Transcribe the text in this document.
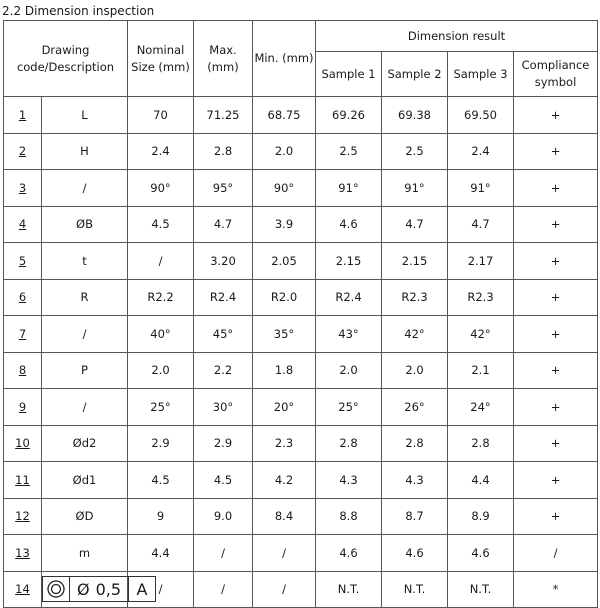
2.2 Dimension inspection
Drawing code/Description		Nominal Size (mm)	Max. (mm)	Min. (mm)	Dimension result			
					Sample 1	Sample 2	Sample 3	Compliance symbol
1	L	70	71.25	68.75	69.26	69.38	69.50	+
2	H	2.4	2.8	2.0	2.5	2.5	2.4	+
3	/	90°	95°	90°	91°	91°	91°	+
4	ØB	4.5	4.7	3.9	4.6	4.7	4.7	+
5	t	/	3.20	2.05	2.15	2.15	2.17	+
6	R	R2.2	R2.4	R2.0	R2.4	R2.3	R2.3	+
7	/	40°	45°	35°	43°	42°	42°	+
8	P	2.0	2.2	1.8	2.0	2.0	2.1	+
9	/	25°	30°	20°	25°	26°	24°	+
10	Ød2	2.9	2.9	2.3	2.8	2.8	2.8	+
11	Ød1	4.5	4.5	4.2	4.3	4.3	4.4	+
12	ØD	9	9.0	8.4	8.8	8.7	8.9	+
13	m	4.4	/	/	4.6	4.6	4.6	/
14	Ø 0,5 A	/	/	/	N.T.	N.T.	N.T.	*
